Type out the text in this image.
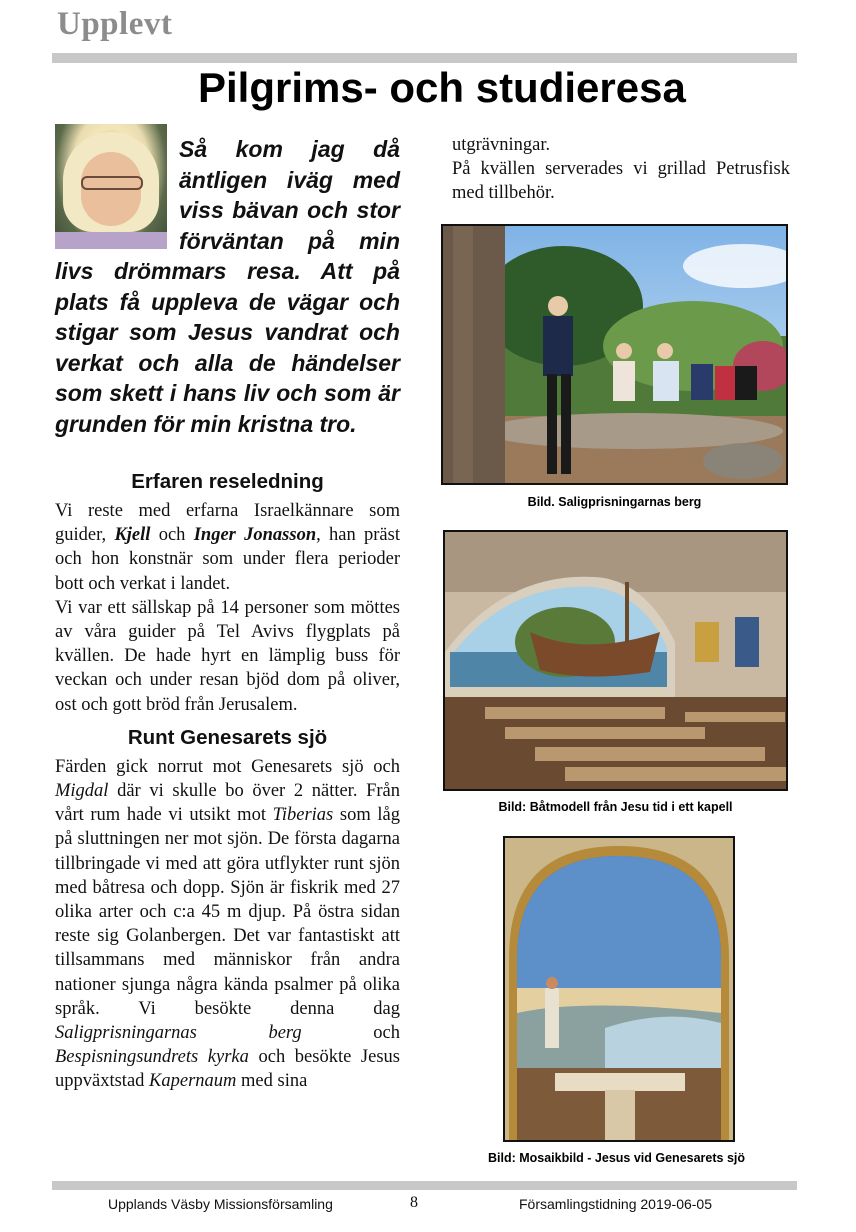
Upplevt
Pilgrims- och studieresa

Så kom jag då äntligen iväg med viss bävan och stor förväntan på min livs drömmars resa. Att på plats få uppleva de vägar och stigar som Jesus vandrat och verkat och alla de händelser som skett i hans liv och som är grunden för min kristna tro.

Erfaren reseledning

Vi reste med erfarna Israelkännare som guider, Kjell och Inger Jonasson, han präst och hon konstnär som under flera perioder bott och verkat i landet.

Vi var ett sällskap på 14 personer som möttes av våra guider på Tel Avivs flygplats på kvällen. De hade hyrt en lämplig buss för veckan och under resan bjöd dom på oliver, ost och gott bröd från Jerusalem.

Runt Genesarets sjö

Färden gick norrut mot Genesarets sjö och Migdal där vi skulle bo över 2 nätter. Från vårt rum hade vi utsikt mot Tiberias som låg på sluttningen ner mot sjön. De första dagarna tillbringade vi med att göra utflykter runt sjön med båtresa och dopp. Sjön är fiskrik med 27 olika arter och c:a 45 m djup. På östra sidan reste sig Golanbergen. Det var fantastiskt att tillsammans med människor från andra nationer sjunga några kända psalmer på olika språk. Vi besökte denna dag Saligprisningarnas berg och Bespisningsundrets kyrka och besökte Jesus uppväxtstad Kapernaum med sina

utgrävningar.

På kvällen serverades vi grillad Petrusfisk med tillbehör.

Bild. Saligprisningarnas berg
Bild: Båtmodell från Jesu tid i ett kapell
Bild: Mosaikbild - Jesus vid Genesarets sjö
Upplands Väsby Missionsförsamling	8	Församlingstidning 2019-06-05
